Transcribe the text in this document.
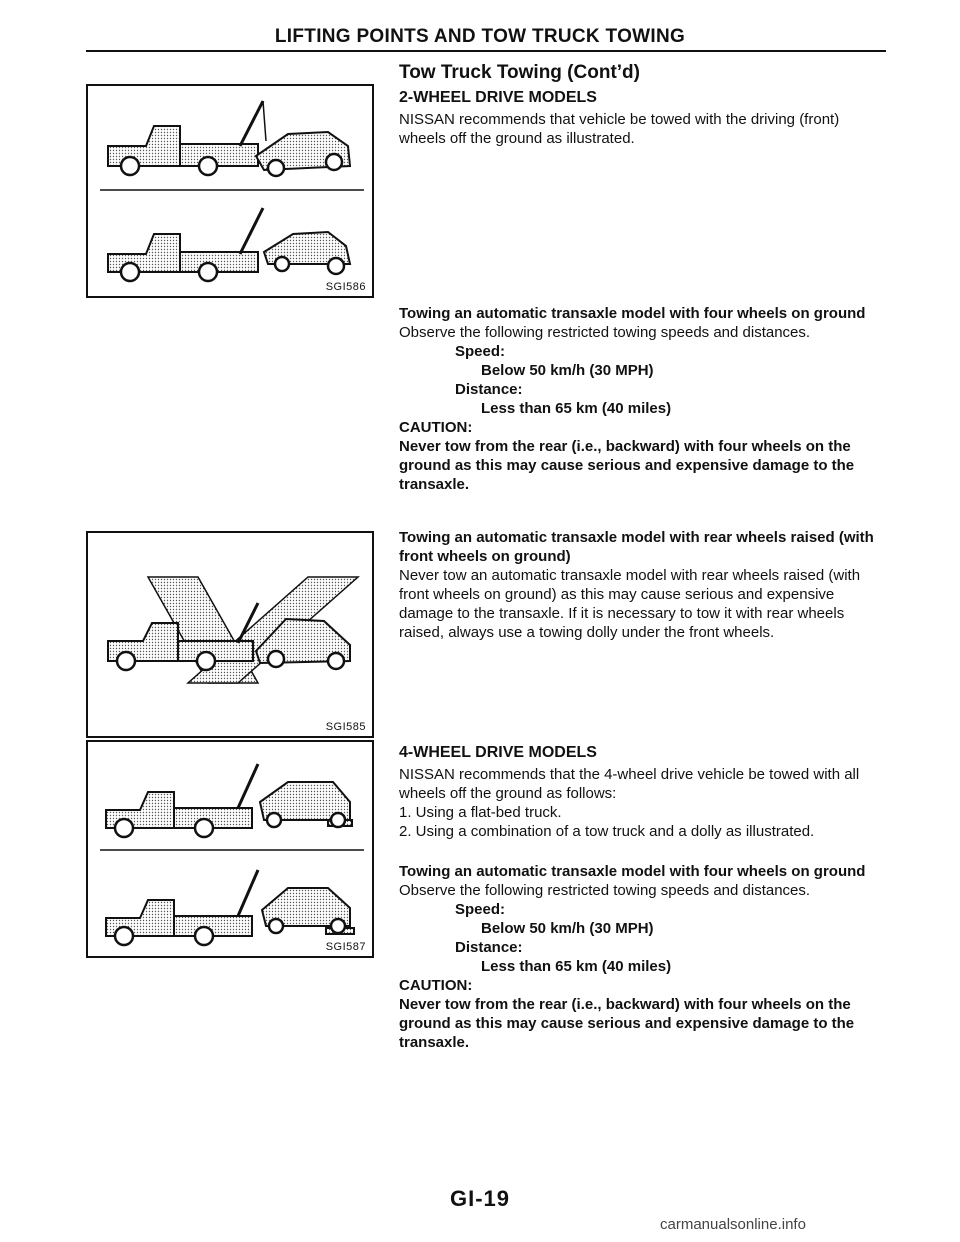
LIFTING POINTS AND TOW TRUCK TOWING
SGI586
SGI585
SGI587

Tow Truck Towing (Cont’d)

2-WHEEL DRIVE MODELS

NISSAN recommends that vehicle be towed with the driving (front) wheels off the ground as illustrated.

Towing an automatic transaxle model with four wheels on ground

Observe the following restricted towing speeds and distances.

Speed:

Below 50 km/h (30 MPH)

Distance:

Less than 65 km (40 miles)

CAUTION:

Never tow from the rear (i.e., backward) with four wheels on the ground as this may cause serious and expensive damage to the transaxle.

Towing an automatic transaxle model with rear wheels raised (with front wheels on ground)

Never tow an automatic transaxle model with rear wheels raised (with front wheels on ground) as this may cause serious and expensive damage to the transaxle. If it is necessary to tow it with rear wheels raised, always use a towing dolly under the front wheels.

4-WHEEL DRIVE MODELS

NISSAN recommends that the 4-wheel drive vehicle be towed with all wheels off the ground as follows:

1. Using a flat-bed truck.

2. Using a combination of a tow truck and a dolly as illustrated.

Towing an automatic transaxle model with four wheels on ground

Observe the following restricted towing speeds and distances.

Speed:

Below 50 km/h (30 MPH)

Distance:

Less than 65 km (40 miles)

CAUTION:

Never tow from the rear (i.e., backward) with four wheels on the ground as this may cause serious and expensive damage to the transaxle.

GI-19
carmanualsonline.info
